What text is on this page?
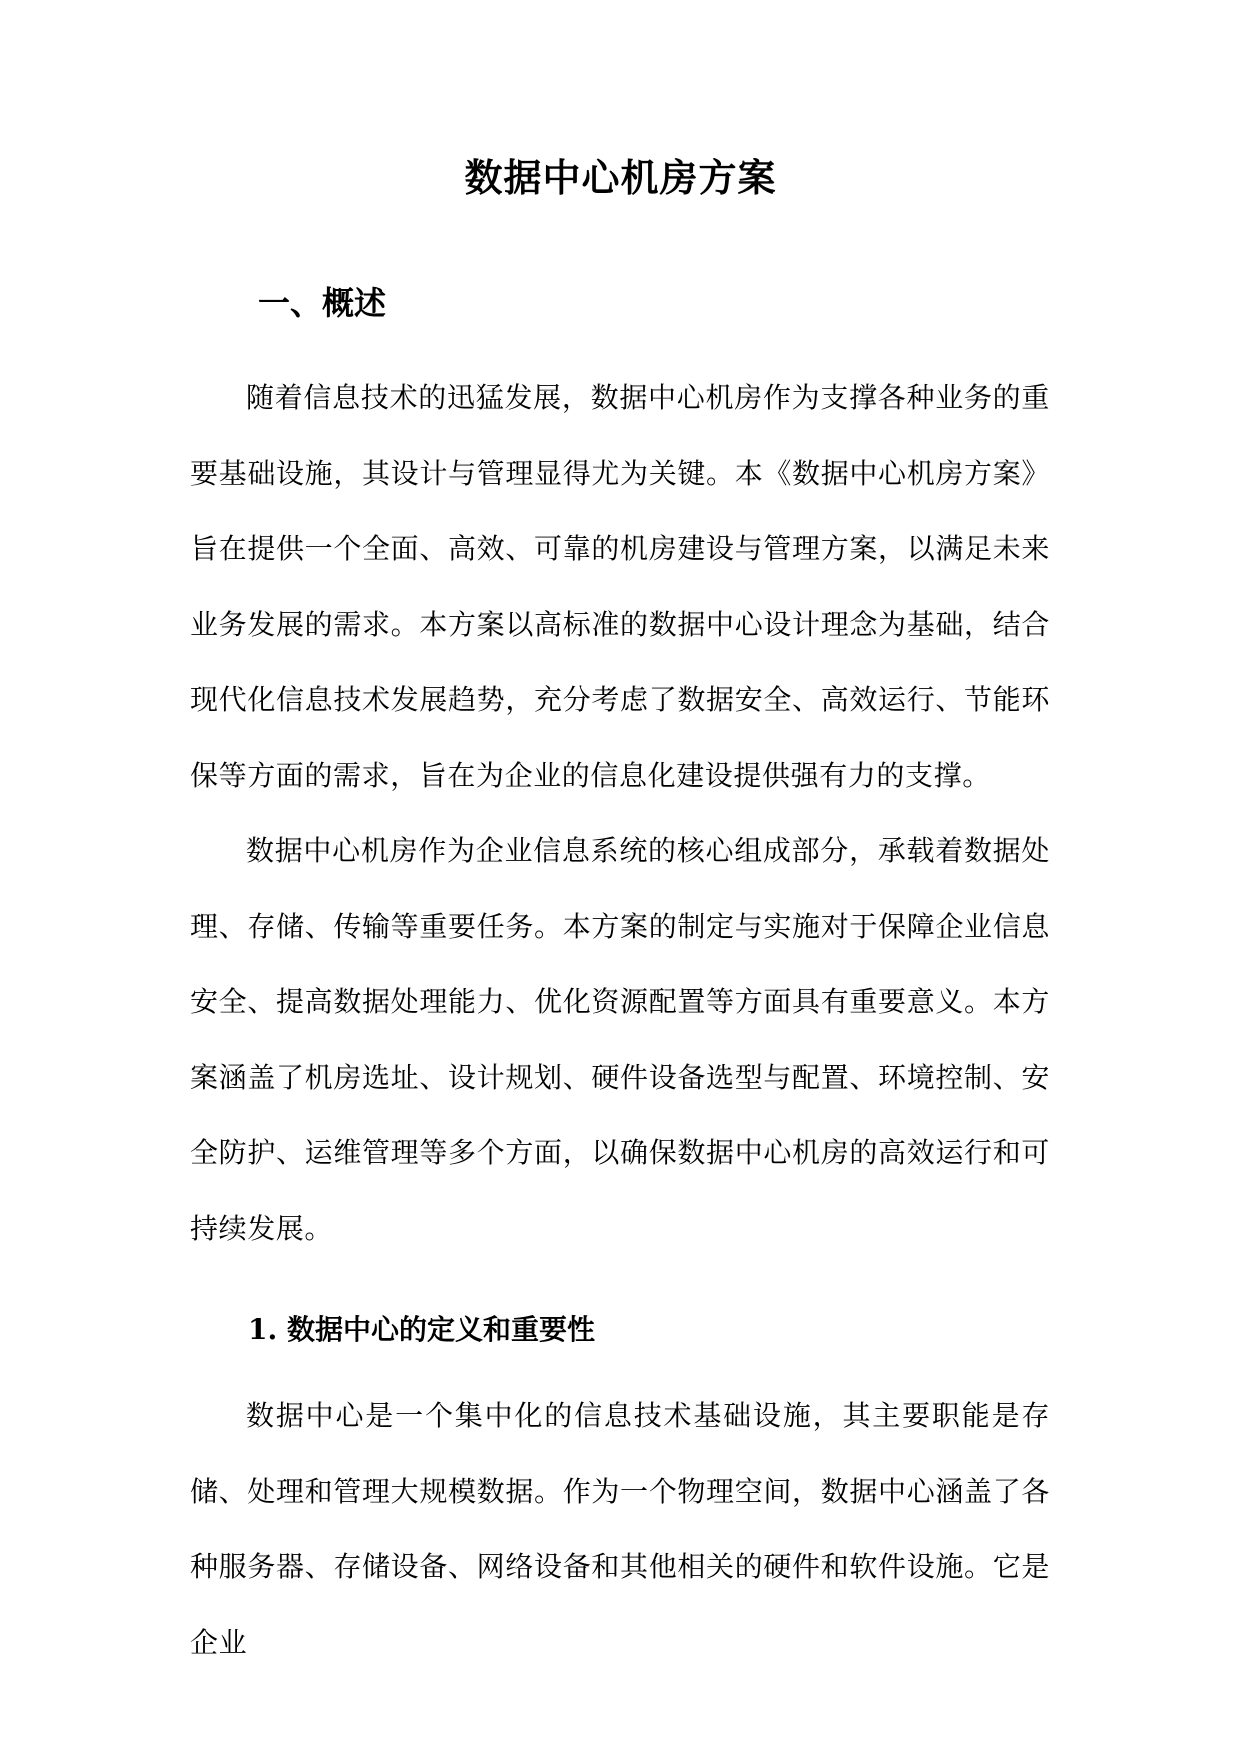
数据中心机房方案
一、概述

随着信息技术的迅猛发展，数据中心机房作为支撑各种业务的重要基础设施，其设计与管理显得尤为关键。本《数据中心机房方案》旨在提供一个全面、高效、可靠的机房建设与管理方案，以满足未来业务发展的需求。本方案以高标准的数据中心设计理念为基础，结合现代化信息技术发展趋势，充分考虑了数据安全、高效运行、节能环保等方面的需求，旨在为企业的信息化建设提供强有力的支撑。

数据中心机房作为企业信息系统的核心组成部分，承载着数据处理、存储、传输等重要任务。本方案的制定与实施对于保障企业信息安全、提高数据处理能力、优化资源配置等方面具有重要意义。本方案涵盖了机房选址、设计规划、硬件设备选型与配置、环境控制、安全防护、运维管理等多个方面，以确保数据中心机房的高效运行和可持续发展。

1. 数据中心的定义和重要性

数据中心是一个集中化的信息技术基础设施，其主要职能是存储、处理和管理大规模数据。作为一个物理空间，数据中心涵盖了各种服务器、存储设备、网络设备和其他相关的硬件和软件设施。它是企业
